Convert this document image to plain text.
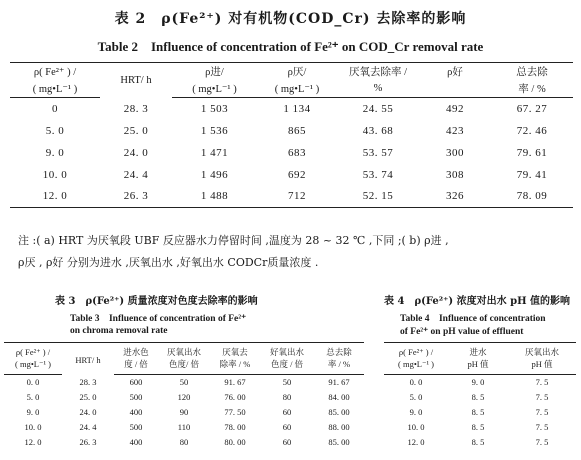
表 2　ρ(Fe²⁺) 对有机物(COD_Cr) 去除率的影响
Table 2　Influence of concentration of Fe²⁺ on COD_Cr removal rate
ρ( Fe²⁺ ) /	HRT/ h	ρ进/	ρ厌/	厌氧去除率 /	ρ好	总去除
( mg•L⁻¹ )		( mg•L⁻¹ )	( mg•L⁻¹ )	%		率 / %
0	28. 3	1 503	1 134	24. 55	492	67. 27
5. 0	25. 0	1 536	865	43. 68	423	72. 46
9. 0	24. 0	1 471	683	53. 57	300	79. 61
10. 0	24. 4	1 496	692	53. 74	308	79. 41
12. 0	26. 3	1 488	712	52. 15	326	78. 09
注 :( a) HRT 为厌氧段 UBF 反应器水力停留时间 ,温度为 28 ~ 32 ℃ ,下同 ;( b) ρ进 ,
ρ厌 , ρ好 分别为进水 ,厌氧出水 ,好氧出水 CODCr质量浓度 .
表 3　ρ(Fe²⁺) 质量浓度对色度去除率的影响
Table 3　Influence of concentration of Fe²⁺
on chroma removal rate
ρ( Fe²⁺ ) /	HRT/ h	进水色	厌氧出水	厌氧去	好氧出水	总去除
( mg•L⁻¹ )		度 / 倍	色度/ 倍	除率 / %	色度 / 倍	率 / %
0. 0	28. 3	600	50	91. 67	50	91. 67
5. 0	25. 0	500	120	76. 00	80	84. 00
9. 0	24. 0	400	90	77. 50	60	85. 00
10. 0	24. 4	500	110	78. 00	60	88. 00
12. 0	26. 3	400	80	80. 00	60	85. 00
表 4　ρ(Fe²⁺) 浓度对出水 pH 值的影响
Table 4　Influence of concentration
of Fe²⁺ on pH value of effluent
ρ( Fe²⁺ ) /	进水	厌氧出水
( mg•L⁻¹ )	pH 值	pH 值
0. 0	9. 0	7. 5
5. 0	8. 5	7. 5
9. 0	8. 5	7. 5
10. 0	8. 5	7. 5
12. 0	8. 5	7. 5
